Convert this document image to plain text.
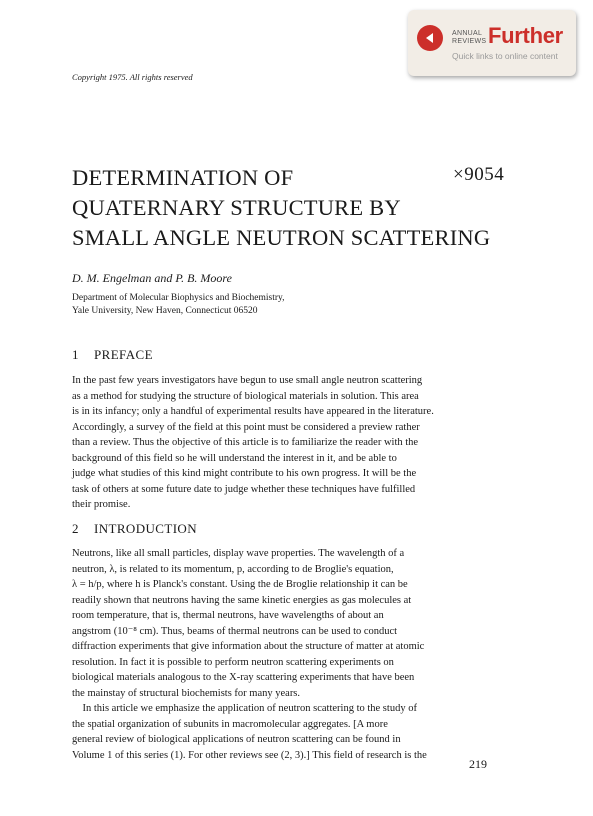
ANNUAL
REVIEWS Further
Quick links to online content
Copyright 1975. All rights reserved
DETERMINATION OF
QUATERNARY STRUCTURE BY
SMALL ANGLE NEUTRON SCATTERING
×9054
D. M. Engelman and P. B. Moore
Department of Molecular Biophysics and Biochemistry,
Yale University, New Haven, Connecticut 06520
1 PREFACE
In the past few years investigators have begun to use small angle neutron scattering
as a method for studying the structure of biological materials in solution. This area
is in its infancy; only a handful of experimental results have appeared in the literature.
Accordingly, a survey of the field at this point must be considered a preview rather
than a review. Thus the objective of this article is to familiarize the reader with the
background of this field so he will understand the interest in it, and be able to
judge what studies of this kind might contribute to his own progress. It will be the
task of others at some future date to judge whether these techniques have fulfilled
their promise.
2 INTRODUCTION
Neutrons, like all small particles, display wave properties. The wavelength of a
neutron, λ, is related to its momentum, p, according to de Broglie's equation,
λ = h/p, where h is Planck's constant. Using the de Broglie relationship it can be
readily shown that neutrons having the same kinetic energies as gas molecules at
room temperature, that is, thermal neutrons, have wavelengths of about an
angstrom (10⁻⁸ cm). Thus, beams of thermal neutrons can be used to conduct
diffraction experiments that give information about the structure of matter at atomic
resolution. In fact it is possible to perform neutron scattering experiments on
biological materials analogous to the X-ray scattering experiments that have been
the mainstay of structural biochemists for many years.
 In this article we emphasize the application of neutron scattering to the study of
the spatial organization of subunits in macromolecular aggregates. [A more
general review of biological applications of neutron scattering can be found in
Volume 1 of this series (1). For other reviews see (2, 3).] This field of research is the
219
